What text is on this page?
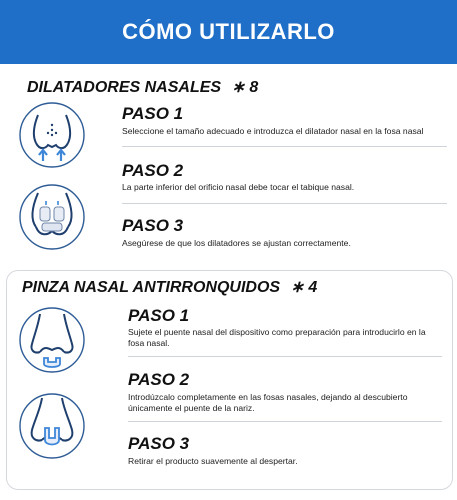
CÓMO UTILIZARLO
DILATADORES NASALES ∗ 8
PASO 1
Seleccione el tamaño adecuado e introduzca el dilatador nasal en la fosa nasal
PASO 2
La parte inferior del orificio nasal debe tocar el tabique nasal.
PASO 3
Asegúrese de que los dilatadores se ajustan correctamente.
PINZA NASAL ANTIRRONQUIDOS ∗ 4
PASO 1
Sujete el puente nasal del dispositivo como preparación para introducirlo en la fosa nasal.
PASO 2
Introdúzcalo completamente en las fosas nasales, dejando al descubierto únicamente el puente de la nariz.
PASO 3
Retirar el producto suavemente al despertar.
